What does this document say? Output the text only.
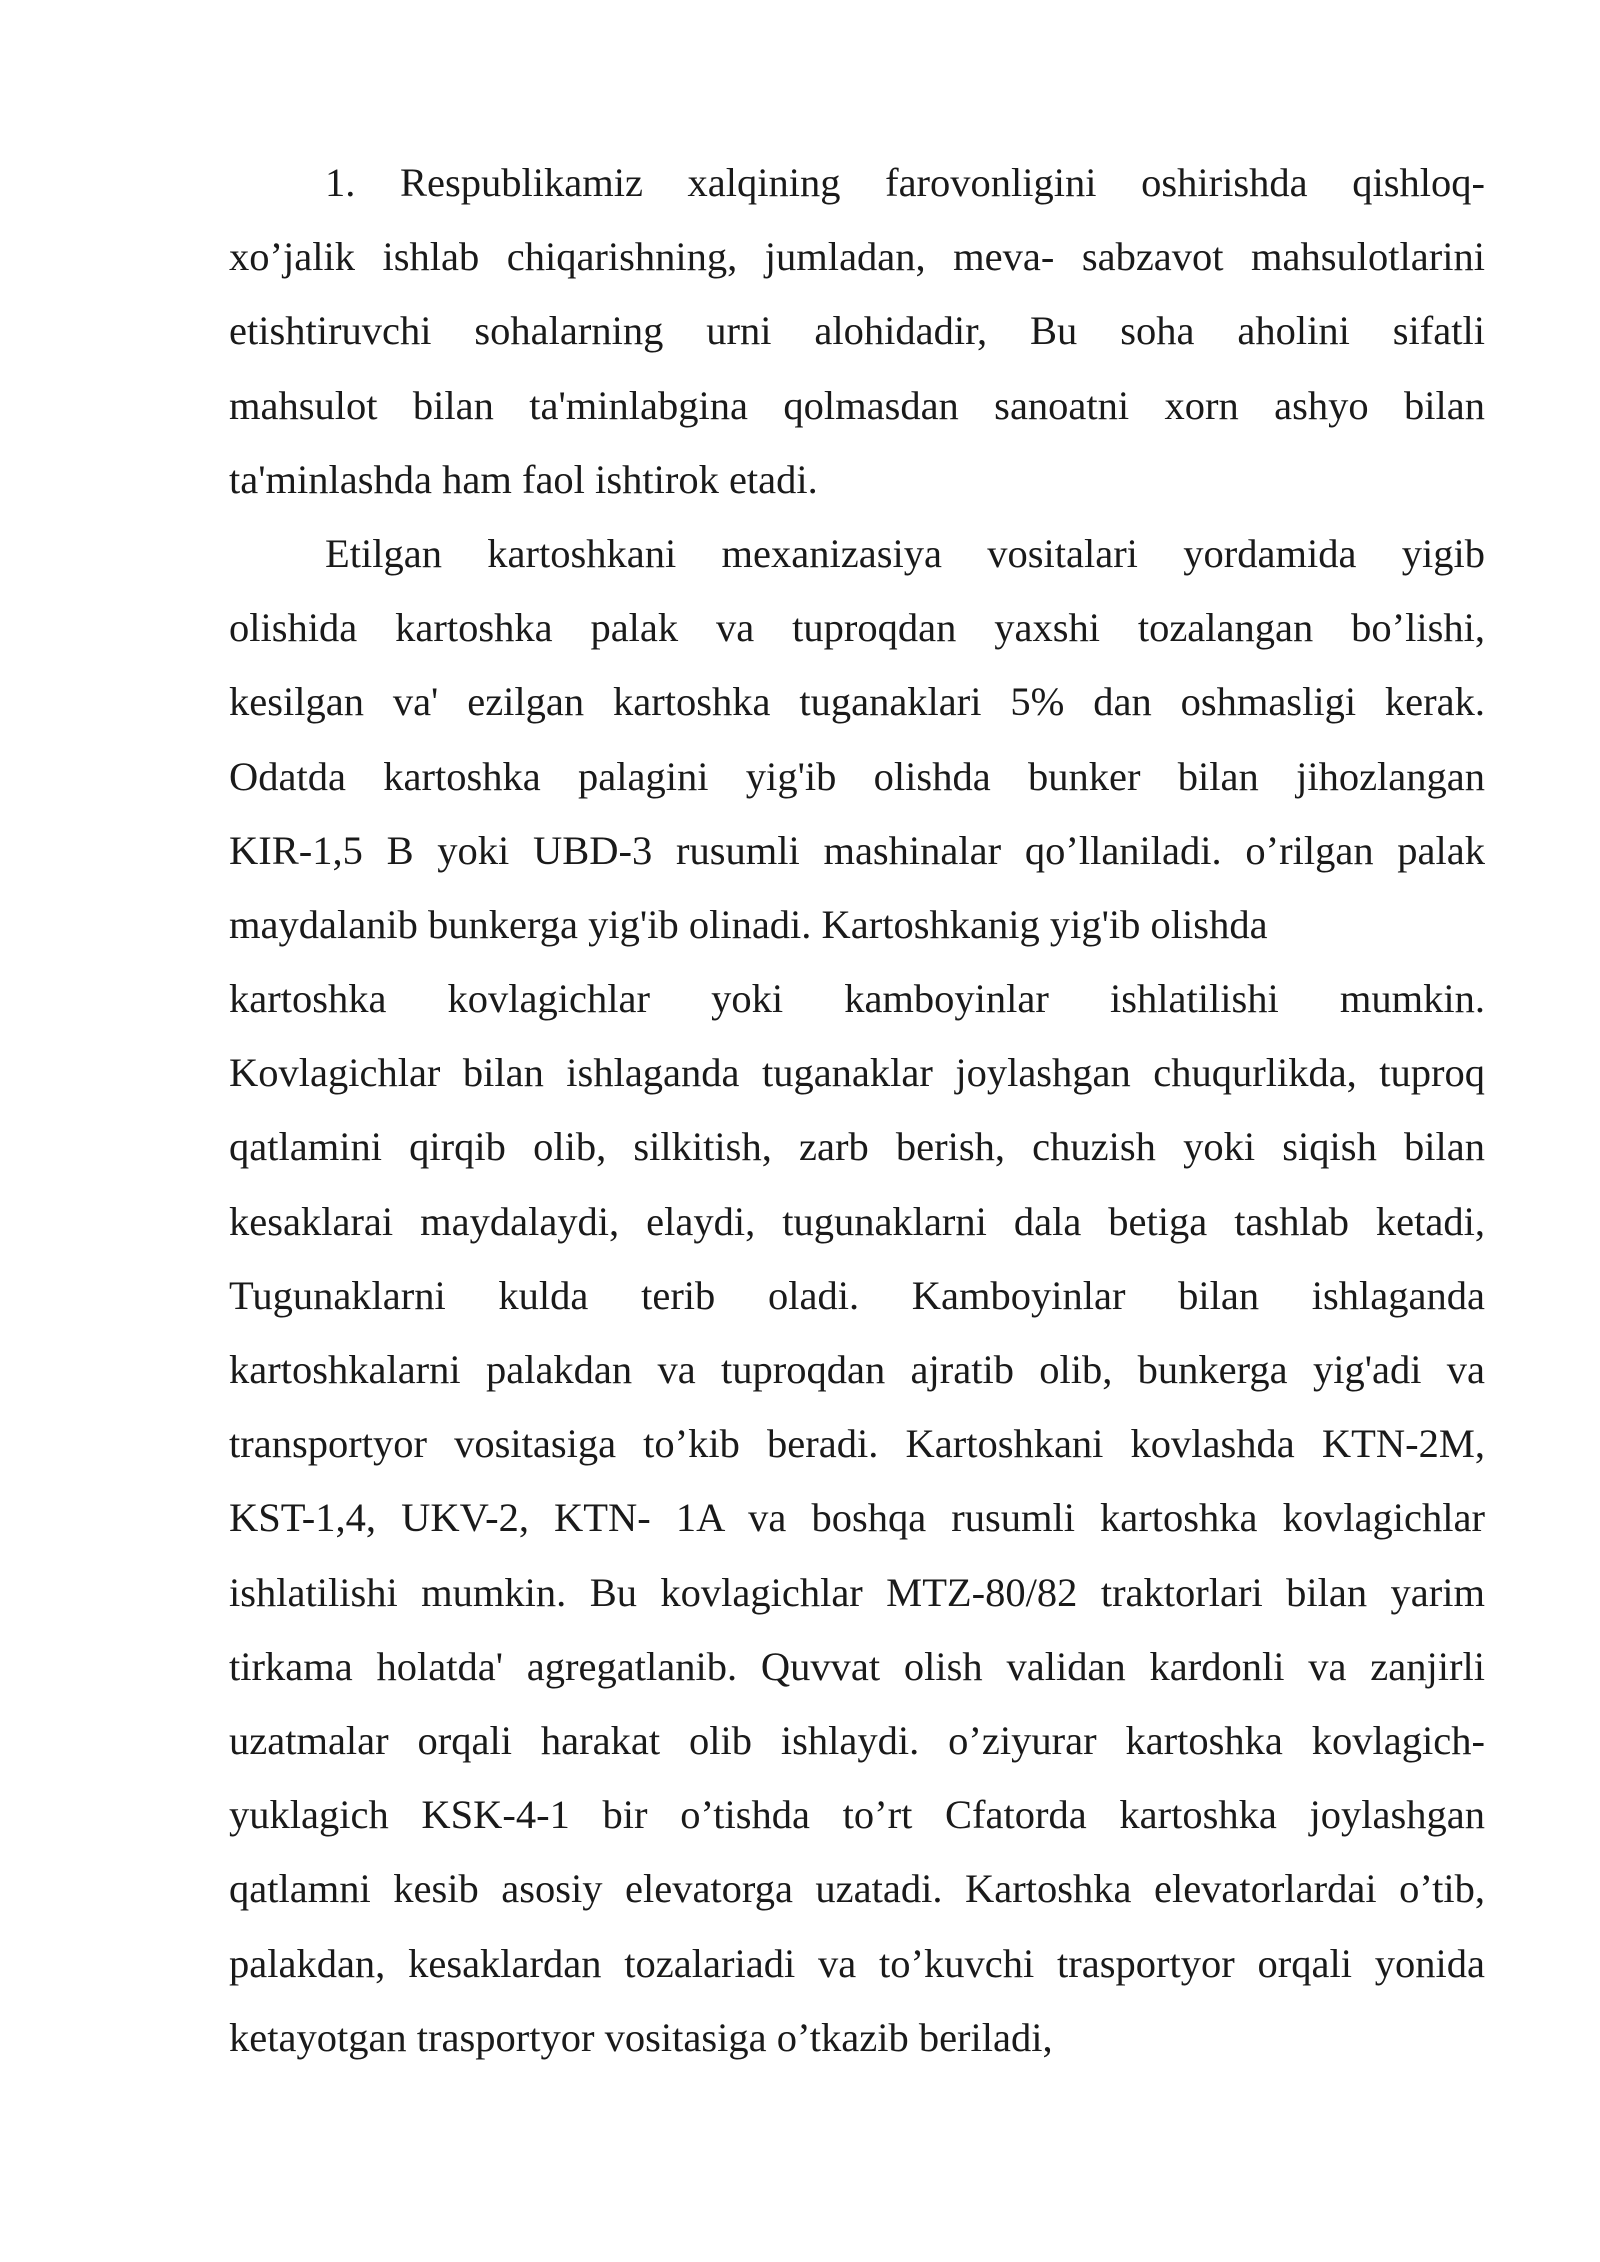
1. Respublikamiz xalqining farovonligini oshirishda qishloq-
xo’jalik ishlab chiqarishning, jumladan, meva- sabzavot mahsulotlarini
etishtiruvchi sohalarning urni alohidadir, Bu soha aholini sifatli
mahsulot bilan ta'minlabgina qolmasdan sanoatni xorn ashyo bilan
ta'minlashda ham faol ishtirok etadi.
Etilgan kartoshkani mexanizasiya vositalari yordamida yigib
olishida kartoshka palak va tuproqdan yaxshi tozalangan bo’lishi,
kesilgan va' ezilgan kartoshka tuganaklari 5% dan oshmasligi kerak.
Odatda kartoshka palagini yig'ib olishda bunker bilan jihozlangan
KIR-1,5 B yoki UBD-3 rusumli mashinalar qo’llaniladi. o’rilgan palak
maydalanib bunkerga yig'ib olinadi. Kartoshkanig yig'ib olishda
kartoshka kovlagichlar yoki kamboyinlar ishlatilishi mumkin.
Kovlagichlar bilan ishlaganda tuganaklar joylashgan chuqurlikda, tuproq
qatlamini qirqib olib, silkitish, zarb berish, chuzish yoki siqish bilan
kesaklarai maydalaydi, elaydi, tugunaklarni dala betiga tashlab ketadi,
Tugunaklarni kulda terib oladi. Kamboyinlar bilan ishlaganda
kartoshkalarni palakdan va tuproqdan ajratib olib, bunkerga yig'adi va
transportyor vositasiga to’kib beradi. Kartoshkani kovlashda KTN-2M,
KST-1,4, UKV-2, KTN- 1A va boshqa rusumli kartoshka kovlagichlar
ishlatilishi mumkin. Bu kovlagichlar MTZ-80/82 traktorlari bilan yarim
tirkama holatda' agregatlanib. Quvvat olish validan kardonli va zanjirli
uzatmalar orqali harakat olib ishlaydi. o’ziyurar kartoshka kovlagich-
yuklagich KSK-4-1 bir o’tishda to’rt Cfatorda kartoshka joylashgan
qatlamni kesib asosiy elevatorga uzatadi. Kartoshka elevatorlardai o’tib,
palakdan, kesaklardan tozalariadi va to’kuvchi trasportyor orqali yonida
ketayotgan trasportyor vositasiga o’tkazib beriladi,
